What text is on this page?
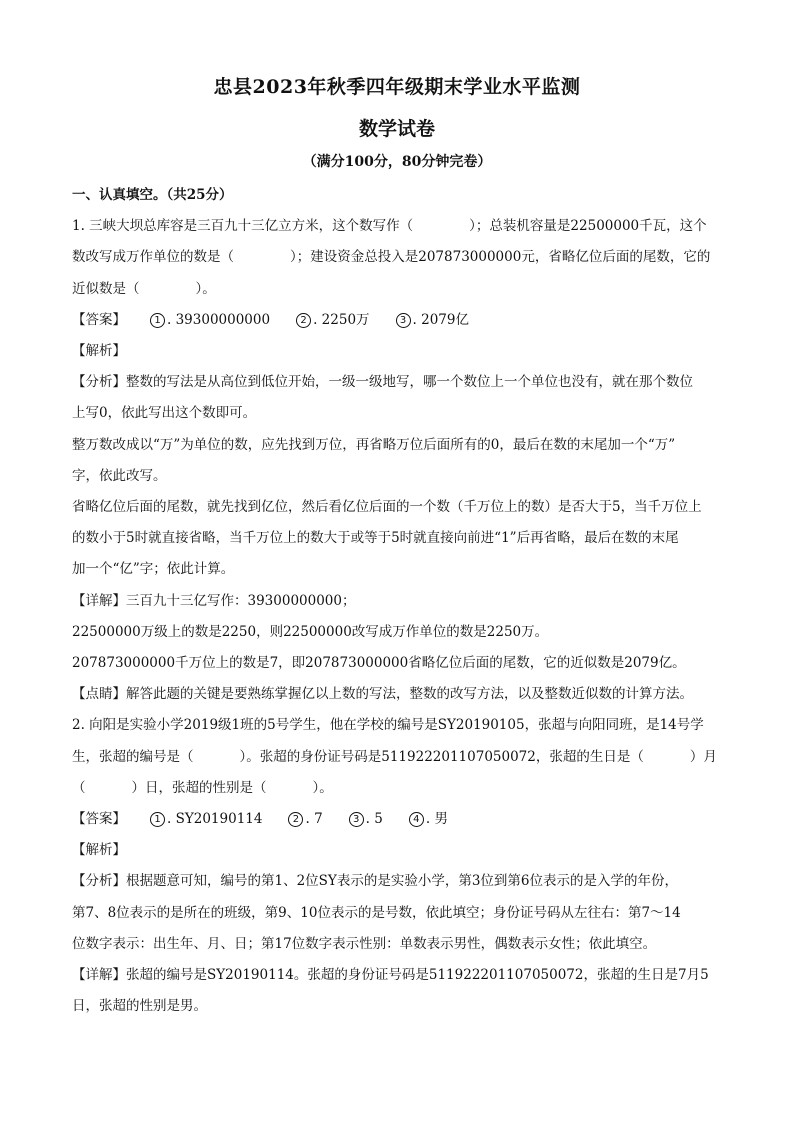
忠县2023年秋季四年级期末学业水平监测
数学试卷
（满分100分，80分钟完卷）

一、认真填空。（共25分）

1. 三峡大坝总库容是三百九十三亿立方米，这个数写作（	）；总装机容量是22500000千瓦，这个

数改写成万作单位的数是（	）；建设资金总投入是207873000000元，省略亿位后面的尾数，它的

近似数是（	）。

【答案】	1 . 39300000000	2 . 2250万	3 . 2079亿

【解析】

【分析】整数的写法是从高位到低位开始，一级一级地写，哪一个数位上一个单位也没有，就在那个数位

上写0，依此写出这个数即可。

整万数改成以“万”为单位的数，应先找到万位，再省略万位后面所有的0，最后在数的末尾加一个“万”

字，依此改写。

省略亿位后面的尾数，就先找到亿位，然后看亿位后面的一个数（千万位上的数）是否大于5，当千万位上

的数小于5时就直接省略，当千万位上的数大于或等于5时就直接向前进“1”后再省略，最后在数的末尾

加一个“亿”字；依此计算。

【详解】三百九十三亿写作：39300000000；

22500000万级上的数是2250，则22500000改写成万作单位的数是2250万。

207873000000千万位上的数是7，即207873000000省略亿位后面的尾数，它的近似数是2079亿。

【点睛】解答此题的关键是要熟练掌握亿以上数的写法，整数的改写方法，以及整数近似数的计算方法。

2. 向阳是实验小学2019级1班的5号学生，他在学校的编号是SY20190105，张超与向阳同班，是14号学

生，张超的编号是（	）。张超的身份证号码是511922201107050072，张超的生日是（	）月

（	）日，张超的性别是（	）。

【答案】	1 . SY20190114	2 . 7	3 . 5	4 . 男

【解析】

【分析】根据题意可知，编号的第1、2位SY表示的是实验小学，第3位到第6位表示的是入学的年份，

第7、8位表示的是所在的班级，第9、10位表示的是号数，依此填空；身份证号码从左往右：第7～14

位数字表示：出生年、月、日；第17位数字表示性别：单数表示男性，偶数表示女性；依此填空。

【详解】张超的编号是SY20190114。张超的身份证号码是511922201107050072，张超的生日是7月5

日，张超的性别是男。
